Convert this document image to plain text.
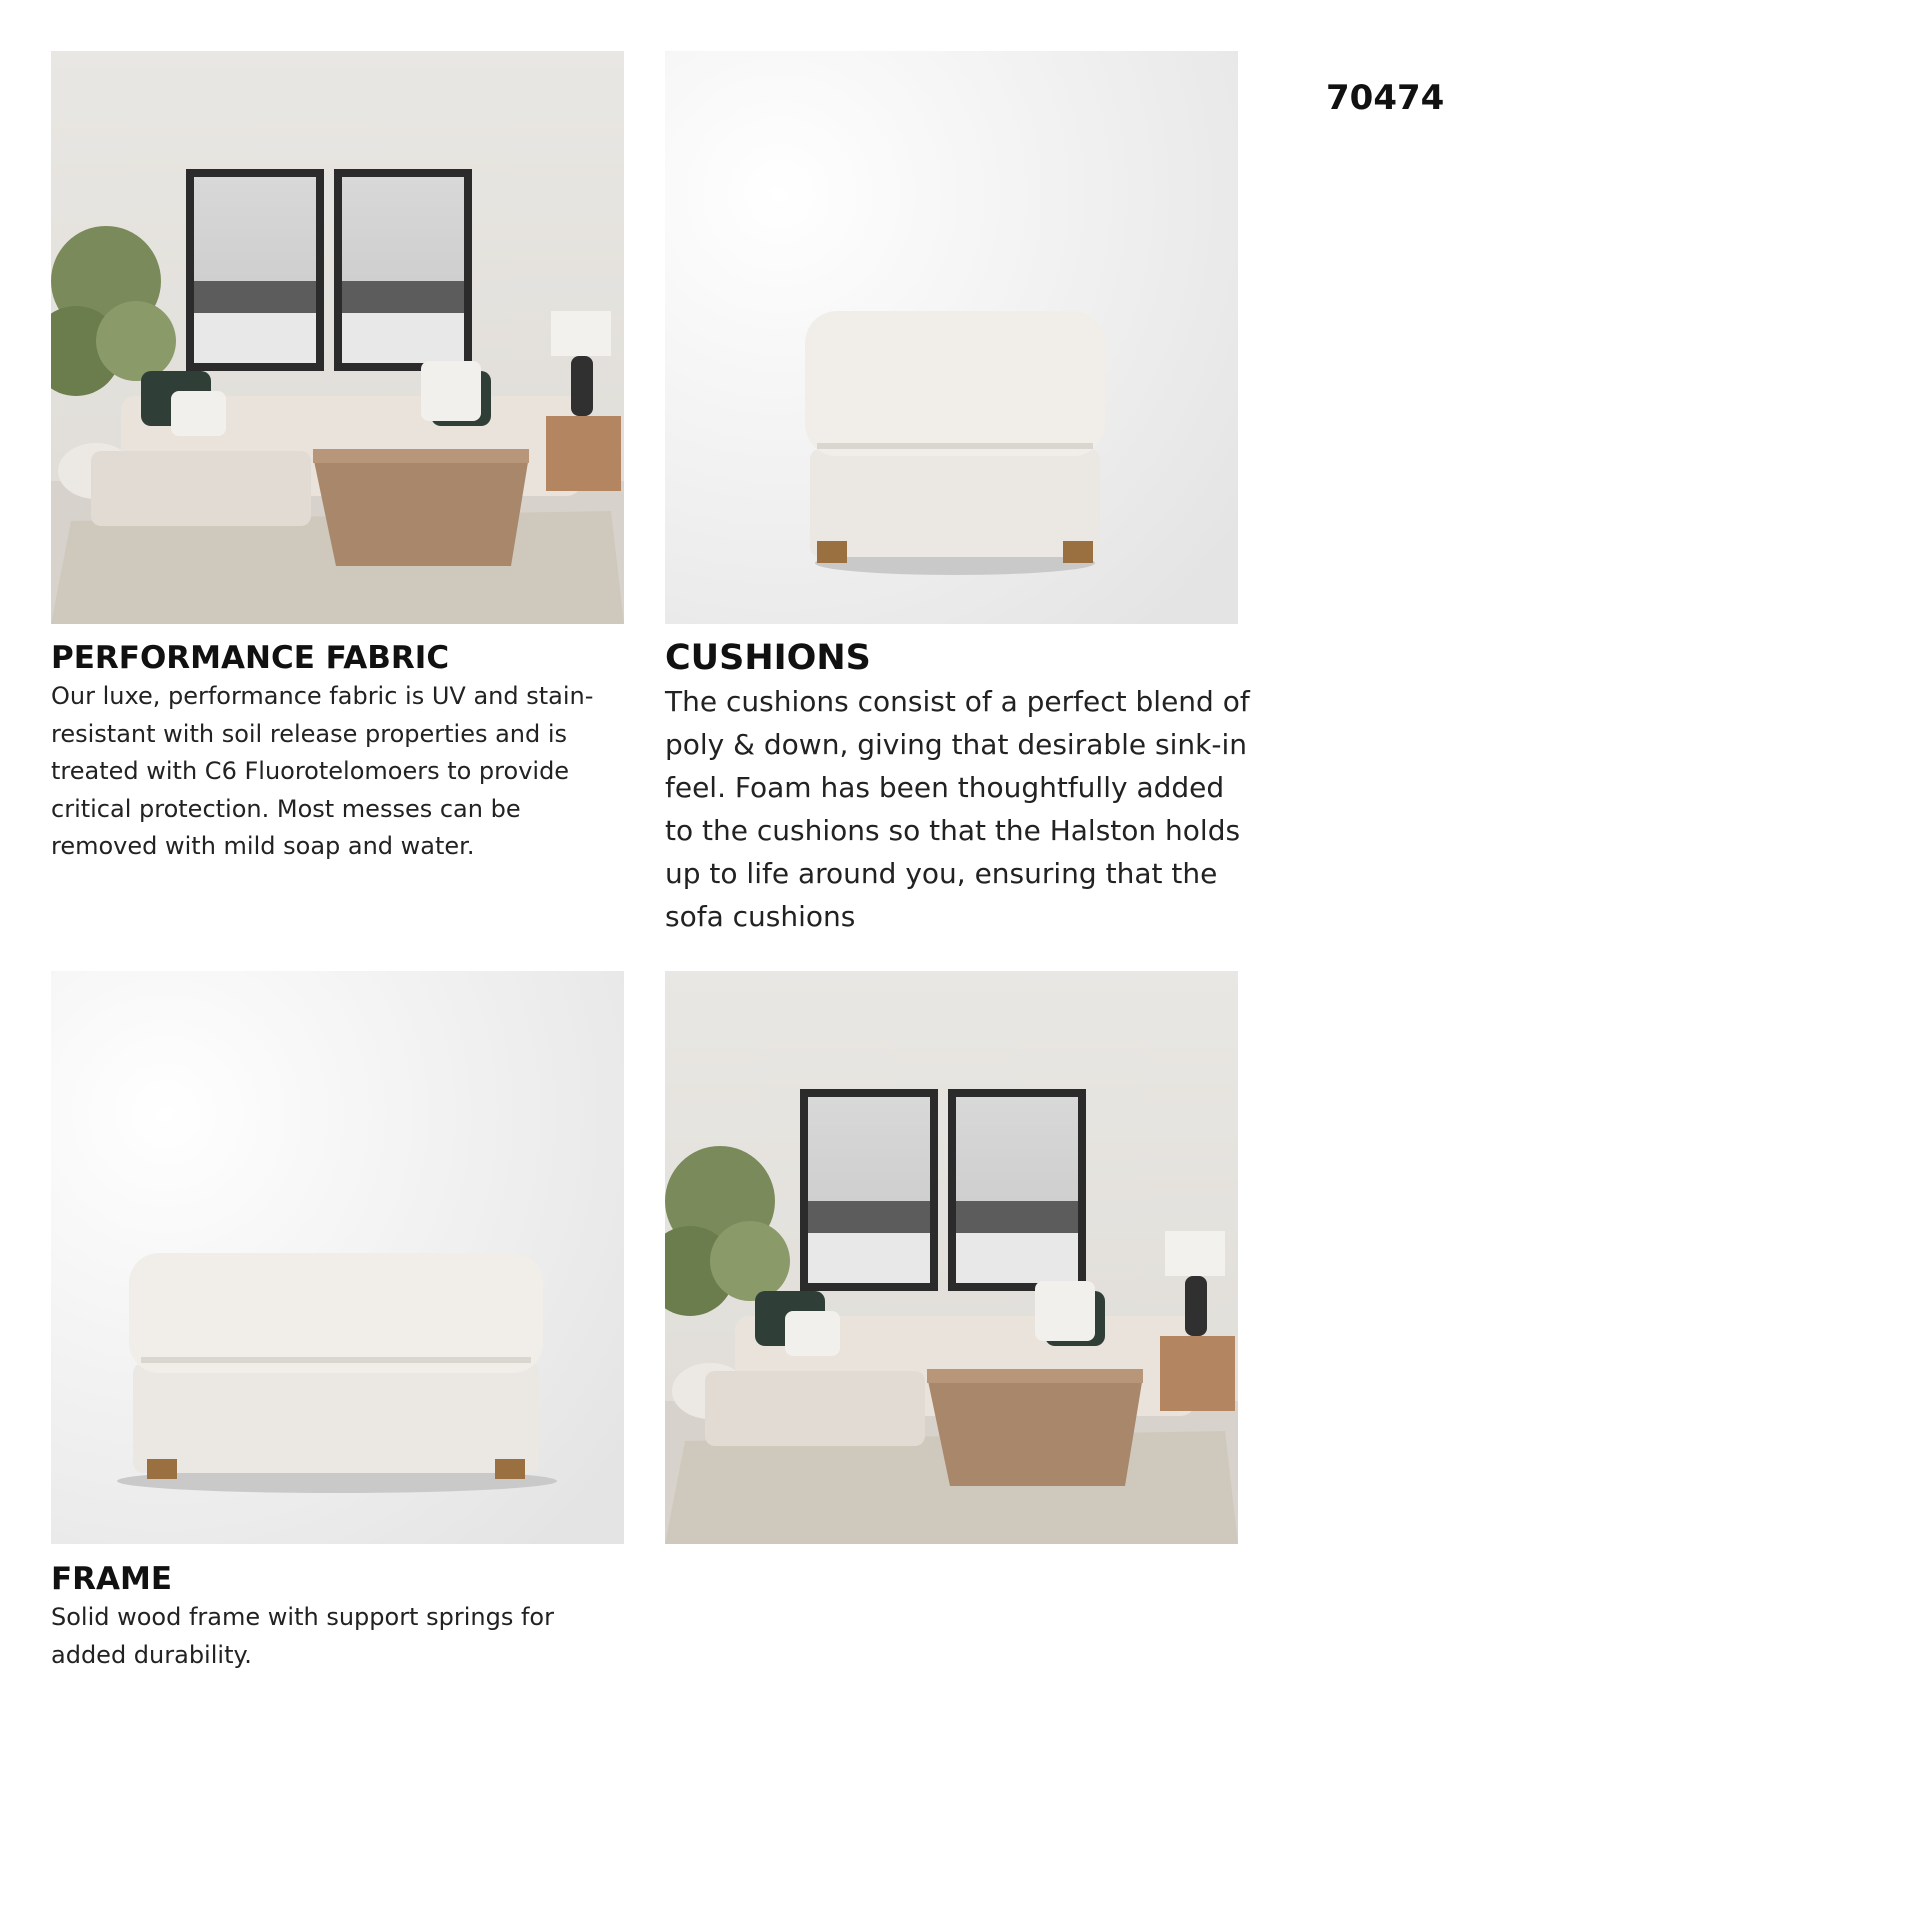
70474
PERFORMANCE FABRIC

Our luxe, performance fabric is UV and stain-resistant with soil release properties and is treated with C6 Fluorotelomoers to provide critical protection. Most messes can be removed with mild soap and water.

CUSHIONS

The cushions consist of a perfect blend of poly & down, giving that desirable sink-in feel. Foam has been thoughtfully added to the cushions so that the Halston holds up to life around you, ensuring that the sofa cushions

FRAME

Solid wood frame with support springs for added durability.
